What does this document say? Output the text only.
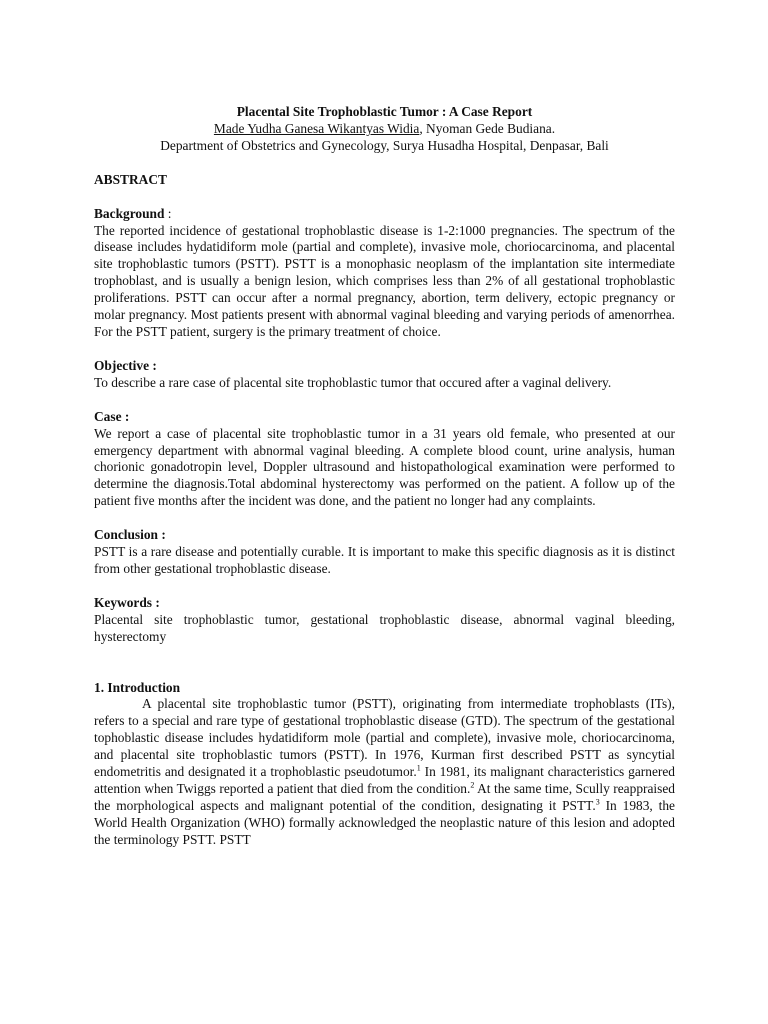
Placental Site Trophoblastic Tumor : A Case Report
Made Yudha Ganesa Wikantyas Widia, Nyoman Gede Budiana.
Department of Obstetrics and Gynecology, Surya Husadha Hospital, Denpasar, Bali
ABSTRACT
Background :

The reported incidence of gestational trophoblastic disease is 1-2:1000 pregnancies. The spectrum of the disease includes hydatidiform mole (partial and complete), invasive mole, choriocarcinoma, and placental site trophoblastic tumors (PSTT). PSTT is a monophasic neoplasm of the implantation site intermediate trophoblast, and is usually a benign lesion, which comprises less than 2% of all gestational trophoblastic proliferations. PSTT can occur after a normal pregnancy, abortion, term delivery, ectopic pregnancy or molar pregnancy. Most patients present with abnormal vaginal bleeding and varying periods of amenorrhea. For the PSTT patient, surgery is the primary treatment of choice.

Objective :

To describe a rare case of placental site trophoblastic tumor that occured after a vaginal delivery.

Case :

We report a case of placental site trophoblastic tumor in a 31 years old female, who presented at our emergency department with abnormal vaginal bleeding. A complete blood count, urine analysis, human chorionic gonadotropin level, Doppler ultrasound and histopathological examination were performed to determine the diagnosis.Total abdominal hysterectomy was performed on the patient. A follow up of the patient five months after the incident was done, and the patient no longer had any complaints.

Conclusion :

PSTT is a rare disease and potentially curable. It is important to make this specific diagnosis as it is distinct from other gestational trophoblastic disease.

Keywords :

Placental site trophoblastic tumor, gestational trophoblastic disease, abnormal vaginal bleeding, hysterectomy

1. Introduction

A placental site trophoblastic tumor (PSTT), originating from intermediate trophoblasts (ITs), refers to a special and rare type of gestational trophoblastic disease (GTD). The spectrum of the gestational tophoblastic disease includes hydatidiform mole (partial and complete), invasive mole, choriocarcinoma, and placental site trophoblastic tumors (PSTT). In 1976, Kurman first described PSTT as syncytial endometritis and designated it a trophoblastic pseudotumor.$^1$ In 1981, its malignant characteristics garnered attention when Twiggs reported a patient that died from the condition.$^2$ At the same time, Scully reappraised the morphological aspects and malignant potential of the condition, designating it PSTT.$^3$ In 1983, the World Health Organization (WHO) formally acknowledged the neoplastic nature of this lesion and adopted the terminology PSTT. PSTT
